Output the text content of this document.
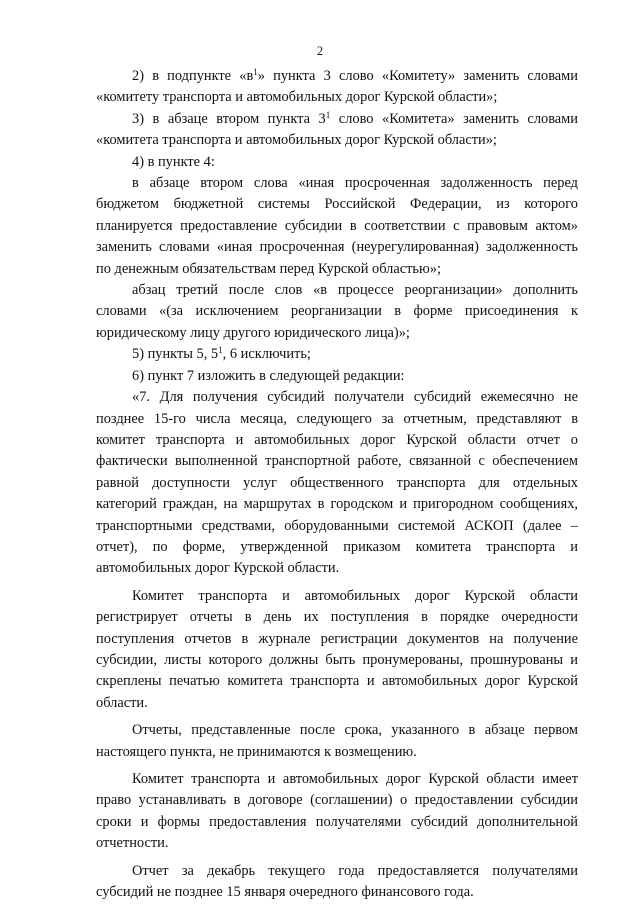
2

2) в подпункте «$в^1$» пункта 3 слово «Комитету» заменить словами «комитету транспорта и автомобильных дорог Курской области»;

3) в абзаце втором пункта $3^1$ слово «Комитета» заменить словами «комитета транспорта и автомобильных дорог Курской области»;

4) в пункте 4:

в абзаце втором слова «иная просроченная задолженность перед бюджетом бюджетной системы Российской Федерации, из которого планируется предоставление субсидии в соответствии с правовым актом» заменить словами «иная просроченная (неурегулированная) задолженность по денежным обязательствам перед Курской областью»;

абзац третий после слов «в процессе реорганизации» дополнить словами «(за исключением реорганизации в форме присоединения к юридическому лицу другого юридического лица)»;

5) пункты 5, $5^1$, 6 исключить;

6) пункт 7 изложить в следующей редакции:

«7. Для получения субсидий получатели субсидий ежемесячно не позднее 15-го числа месяца, следующего за отчетным, представляют в комитет транспорта и автомобильных дорог Курской области отчет о фактически выполненной транспортной работе, связанной с обеспечением равной доступности услуг общественного транспорта для отдельных категорий граждан, на маршрутах в городском и пригородном сообщениях, транспортными средствами, оборудованными системой АСКОП (далее – отчет), по форме, утвержденной приказом комитета транспорта и автомобильных дорог Курской области.

Комитет транспорта и автомобильных дорог Курской области регистрирует отчеты в день их поступления в порядке очередности поступления отчетов в журнале регистрации документов на получение субсидии, листы которого должны быть пронумерованы, прошнурованы и скреплены печатью комитета транспорта и автомобильных дорог Курской области.

Отчеты, представленные после срока, указанного в абзаце первом настоящего пункта, не принимаются к возмещению.

Комитет транспорта и автомобильных дорог Курской области имеет право устанавливать в договоре (соглашении) о предоставлении субсидии сроки и формы предоставления получателями субсидий дополнительной отчетности.

Отчет за декабрь текущего года предоставляется получателями субсидий не позднее 15 января очередного финансового года.
